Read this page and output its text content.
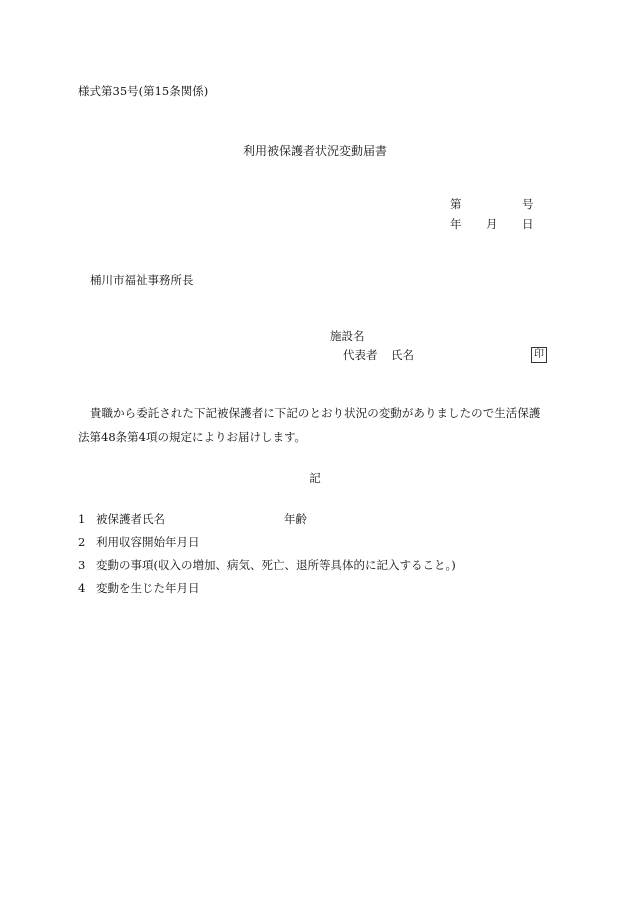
様式第35号(第15条関係)
利用被保護者状況変動届書
第	号
年 月 日
桶川市福祉事務所長
施設名
代表者 氏名	印
貴職から委託された下記被保護者に下記のとおり状況の変動がありましたので生活保護
法第48条第4項の規定によりお届けします。
記
1 被保護者氏名	年齢
2 利用収容開始年月日
3 変動の事項(収入の増加、病気、死亡、退所等具体的に記入すること。)
4 変動を生じた年月日
